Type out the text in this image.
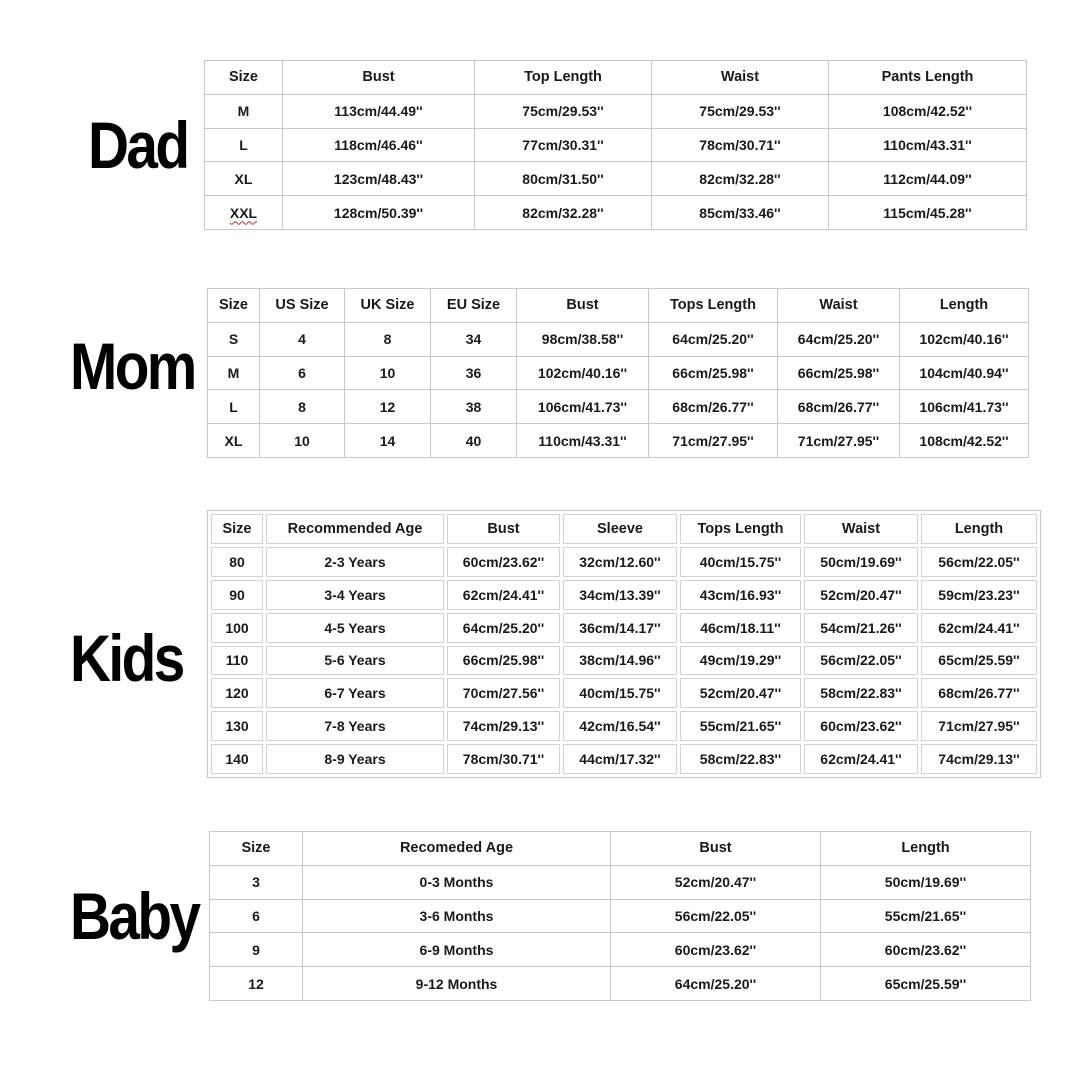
Dad
Mom
Kids
Baby
Size	Bust	Top Length	Waist	Pants Length
M	113cm/44.49''	75cm/29.53''	75cm/29.53''	108cm/42.52''
L	118cm/46.46''	77cm/30.31''	78cm/30.71''	110cm/43.31''
XL	123cm/48.43''	80cm/31.50''	82cm/32.28''	112cm/44.09''
XXL	128cm/50.39''	82cm/32.28''	85cm/33.46''	115cm/45.28''
Size	US Size	UK Size	EU Size	Bust	Tops Length	Waist	Length
S	4	8	34	98cm/38.58''	64cm/25.20''	64cm/25.20''	102cm/40.16''
M	6	10	36	102cm/40.16''	66cm/25.98''	66cm/25.98''	104cm/40.94''
L	8	12	38	106cm/41.73''	68cm/26.77''	68cm/26.77''	106cm/41.73''
XL	10	14	40	110cm/43.31''	71cm/27.95''	71cm/27.95''	108cm/42.52''
Size	Recommended Age	Bust	Sleeve	Tops Length	Waist	Length
80	2-3 Years	60cm/23.62''	32cm/12.60''	40cm/15.75''	50cm/19.69''	56cm/22.05''
90	3-4 Years	62cm/24.41''	34cm/13.39''	43cm/16.93''	52cm/20.47''	59cm/23.23''
100	4-5 Years	64cm/25.20''	36cm/14.17''	46cm/18.11''	54cm/21.26''	62cm/24.41''
110	5-6 Years	66cm/25.98''	38cm/14.96''	49cm/19.29''	56cm/22.05''	65cm/25.59''
120	6-7 Years	70cm/27.56''	40cm/15.75''	52cm/20.47''	58cm/22.83''	68cm/26.77''
130	7-8 Years	74cm/29.13''	42cm/16.54''	55cm/21.65''	60cm/23.62''	71cm/27.95''
140	8-9 Years	78cm/30.71''	44cm/17.32''	58cm/22.83''	62cm/24.41''	74cm/29.13''
Size	Recomeded Age	Bust	Length
3	0-3 Months	52cm/20.47''	50cm/19.69''
6	3-6 Months	56cm/22.05''	55cm/21.65''
9	6-9 Months	60cm/23.62''	60cm/23.62''
12	9-12 Months	64cm/25.20''	65cm/25.59''
